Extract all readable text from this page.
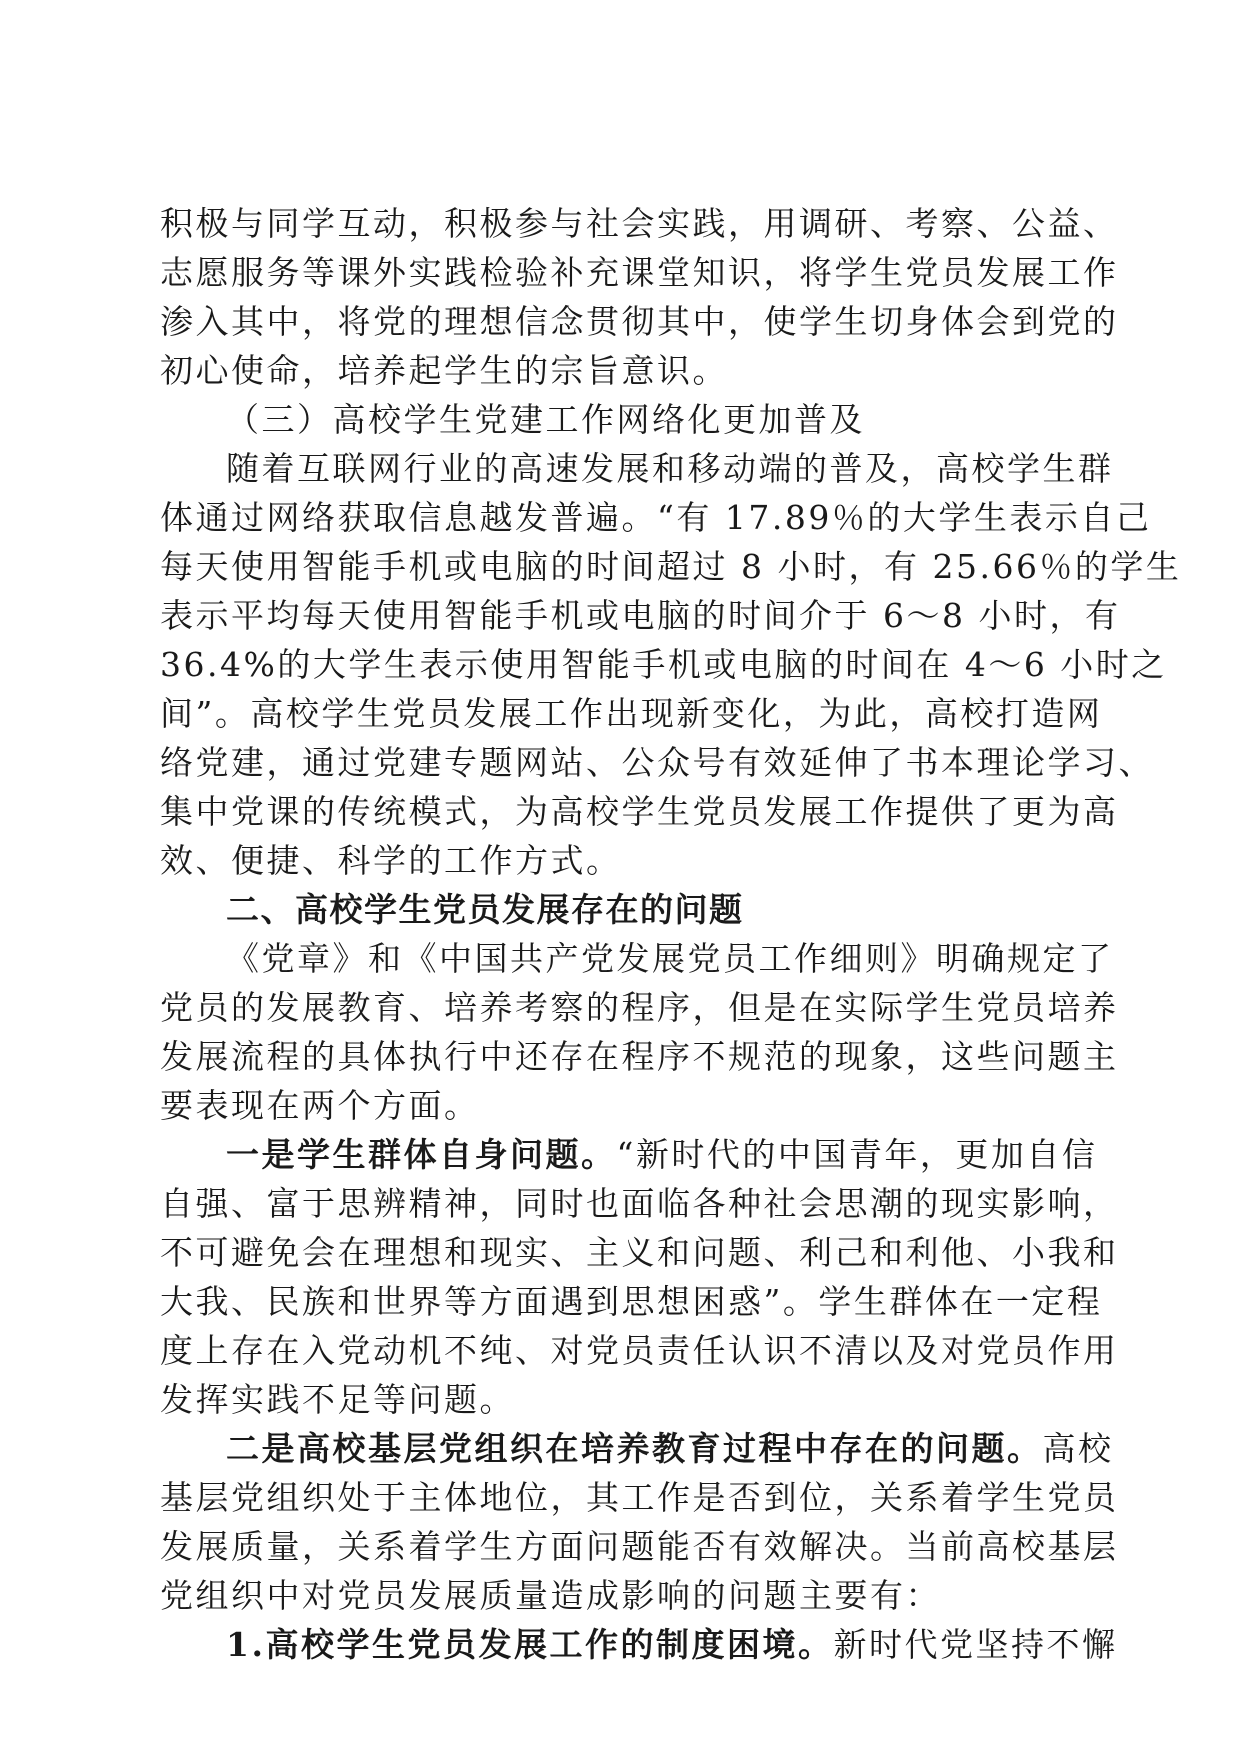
积极与同学互动，积极参与社会实践，用调研、考察、公益、
志愿服务等课外实践检验补充课堂知识，将学生党员发展工作
渗入其中，将党的理想信念贯彻其中，使学生切身体会到党的
初心使命，培养起学生的宗旨意识。
（三）高校学生党建工作网络化更加普及
随着互联网行业的高速发展和移动端的普及，高校学生群
体通过网络获取信息越发普遍。“有 17.89％的大学生表示自己
每天使用智能手机或电脑的时间超过 8 小时，有 25.66％的学生
表示平均每天使用智能手机或电脑的时间介于 6～8 小时，有
36.4%的大学生表示使用智能手机或电脑的时间在 4～6 小时之
间”。高校学生党员发展工作出现新变化，为此，高校打造网
络党建，通过党建专题网站、公众号有效延伸了书本理论学习、
集中党课的传统模式，为高校学生党员发展工作提供了更为高
效、便捷、科学的工作方式。
二、高校学生党员发展存在的问题
《党章》和《中国共产党发展党员工作细则》明确规定了
党员的发展教育、培养考察的程序，但是在实际学生党员培养
发展流程的具体执行中还存在程序不规范的现象，这些问题主
要表现在两个方面。
一是学生群体自身问题。“新时代的中国青年，更加自信
自强、富于思辨精神，同时也面临各种社会思潮的现实影响，
不可避免会在理想和现实、主义和问题、利己和利他、小我和
大我、民族和世界等方面遇到思想困惑”。学生群体在一定程
度上存在入党动机不纯、对党员责任认识不清以及对党员作用
发挥实践不足等问题。
二是高校基层党组织在培养教育过程中存在的问题。高校
基层党组织处于主体地位，其工作是否到位，关系着学生党员
发展质量，关系着学生方面问题能否有效解决。当前高校基层
党组织中对党员发展质量造成影响的问题主要有：
1.高校学生党员发展工作的制度困境。新时代党坚持不懈
